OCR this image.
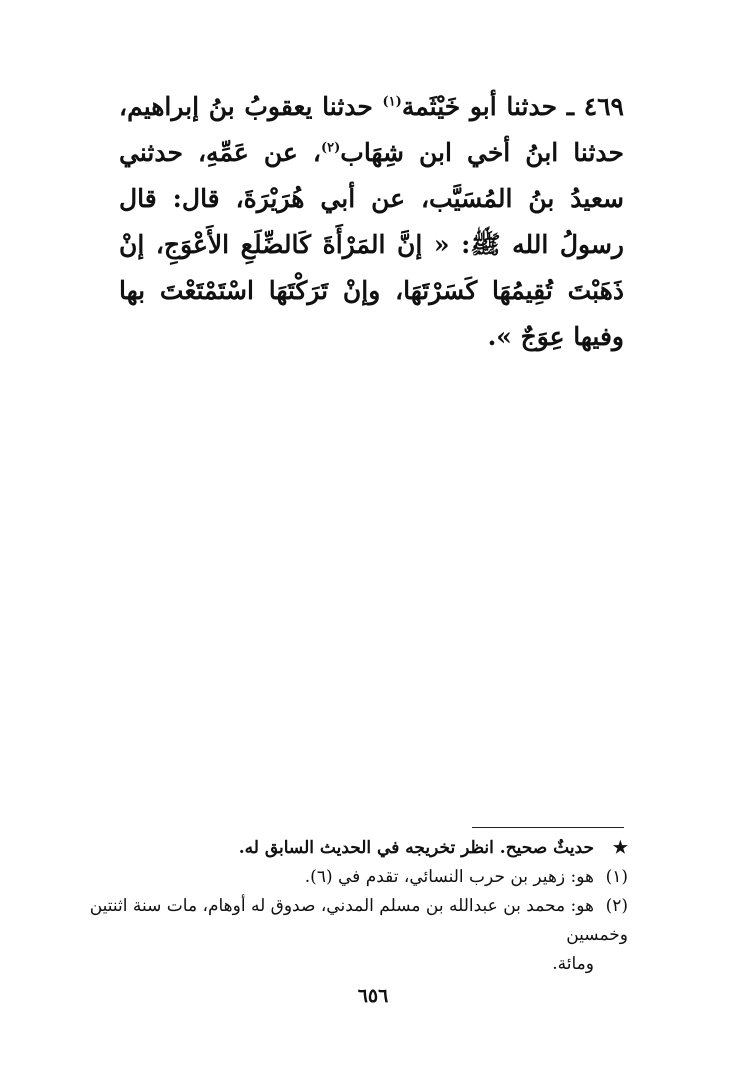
٤٦٩ ـ حدثنا أبو خَيْثَمة$^{(١)}$ حدثنا يعقوبُ بنُ إبراهيم، حدثنا ابنُ أخي ابن شِهَاب$^{(٢)}$، عن عَمِّهِ، حدثني سعيدُ بنُ المُسَيَّب، عن أبي هُرَيْرَةَ، قال: قال رسولُ الله ﷺ: « إنَّ المَرْأَةَ كَالضِّلَعِ الأَعْوَجِ، إنْ ذَهَبْتَ تُقِيمُهَا كَسَرْتَهَا، وإنْ تَرَكْتَهَا اسْتَمْتَعْتَ بها وفيها عِوَجٌ ».

★حديثٌ صحيح. انظر تخريجه في الحديث السابق له.

(١)هو: زهير بن حرب النسائي، تقدم في (٦).

(٢)هو: محمد بن عبدالله بن مسلم المدني، صدوق له أوهام، مات سنة اثنتين وخمسين

ومائة.

٦٥٦
